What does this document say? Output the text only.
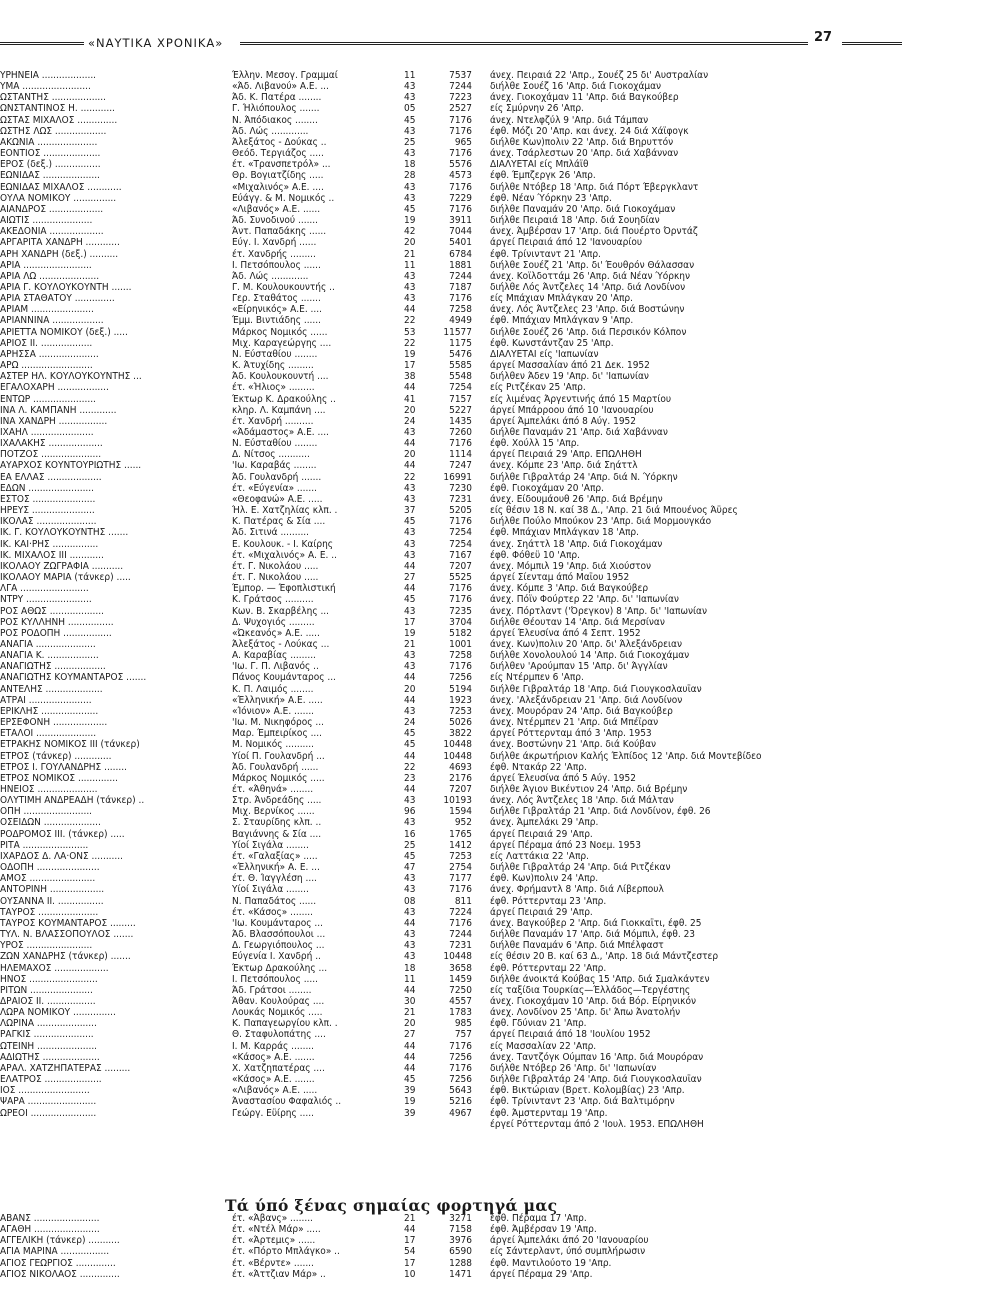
«ΝΑΥΤΙΚΑ ΧΡΟΝΙΚΑ»	27
ΥΡΗΝΕΙΑ ...................	Έλλην. Μεσογ. Γραμμαί	11	7537 άνεχ. Πειραιά 22 'Απρ., Σουέζ 25 δι' Αυστραλίαν
ΥΜΑ ........................	«Άδ. Λιβανού» Α.Ε. ...	43	7244 διήλθε Σουέζ 16 'Απρ. διά Γιοκοχάμαν
ΩΣΤΑΝΤΗΣ ...................	Άδ. Κ. Πατέρα ........	43	7223 άνεχ. Γιοκοχάμαν 11 'Απρ. διά Βαγκούβερ
ΩΝΣΤΑΝΤΙΝΟΣ Η. ............	Γ. Ήλιόπουλος .......	05	2527 είς Σμύρνην 26 'Απρ.
ΩΣΤΑΣ ΜΙΧΑΛΟΣ ..............	Ν. Άπόδιακος ........	45	7176 άνεχ. Ντελφζύλ 9 'Απρ. διά Τάμπαν
ΩΣΤΗΣ ΛΩΣ ..................	Άδ. Λώς .............	43	7176 έφθ. Μόζι 20 'Απρ. και άνεχ. 24 διά Χάϊφογκ
ΑΚΩΝΙΑ .....................	Άλεξάτος - Δούκας ..	25	965 διήλθε Κων)πολιν 22 'Απρ. διά Βηρυττόν
ΕΟΝΤΙΟΣ ....................	Θεόδ. Τεργιάζος .....	43	7176 άνεχ. Τσάρλεστων 20 'Απρ. διά Χαβάνναν
ΕΡΟΣ (δεξ.) ................	έτ. «Τρανσπετρόλ» ...	18	5576 ΔΙΑΛΥΕΤΑΙ είς Μπλάϊθ
ΕΩΝΙΔΑΣ ....................	Θρ. Βογιατζίδης .....	28	4573 έφθ. Έμπζεργκ 26 'Απρ.
ΕΩΝΙΔΑΣ ΜΙΧΑΛΟΣ ............	«Μιχαλινός» Α.Ε. ....	43	7176 διήλθε Ντόβερ 18 'Απρ. διά Πόρτ Έβεργκλαντ
ΟΥΛΑ ΝΟΜΙΚΟΥ ...............	Εύάγγ. & Μ. Νομικός ..	43	7229 έφθ. Νέαν Ύόρκην 23 'Απρ.
ΑΙΑΝΔΡΟΣ ...................	«Λιβανός» Α.Ε. ......	45	7176 διήλθε Παναμάν 20 'Απρ. διά Γιοκοχάμαν
ΑΙΩΤΙΣ .....................	Άδ. Συνοδινού .......	19	3911 διήλθε Πειραιά 18 'Απρ. διά Σουηδίαν
ΑΚΕΔΟΝΙΑ ...................	Άντ. Παπαδάκης ......	42	7044 άνεχ. Άμβέρσαν 17 'Απρ. διά Πουέρτο Όρντάζ
ΑΡΓΑΡΙΤΑ ΧΑΝΔΡΗ ............	Εύγ. Ι. Χανδρή ......	20	5401 άργεί Πειραιά άπό 12 'Ιανουαρίου
ΑΡΗ ΧΑΝΔΡΗ (δεξ.) ..........	έτ. Χανδρής .........	21	6784 έφθ. Τρίνινταντ 21 'Απρ.
ΑΡΙΑ ........................	Ι. Πετσόπουλος ......	11	1881 διήλθε Σουέζ 21 'Απρ. δι' Έουθρόν Θάλασσαν
ΑΡΙΑ ΛΩ .....................	Άδ. Λώς .............	43	7244 άνεχ. Κοϊλδοττάμ 26 'Απρ. διά Νέαν Ύόρκην
ΑΡΙΑ Γ. ΚΟΥΛΟΥΚΟΥΝΤΗ .......	Γ. Μ. Κουλουκουντής ..	43	7187 διήλθε Λός Άντζελες 14 'Απρ. διά Λονδίνον
ΑΡΙΑ ΣΤΑΘΑΤΟΥ ..............	Γερ. Σταθάτος .......	43	7176 είς Μπάχιαν Μπλάγκαν 20 'Απρ.
ΑΡΙΑΜ ......................	«Είρηνικός» Α.Ε. ....	44	7258 άνεχ. Λός Άντζελες 23 'Απρ. διά Βοστώνην
ΑΡΙΑΝΝΙΝΑ ..................	Έμμ. Βιντιάδης ......	22	4949 έφθ. Μπάχιαν Μπλάγκαν 9 'Απρ.
ΑΡΙΕΤΤΑ ΝΟΜΙΚΟΥ (δεξ.) .....	Μάρκος Νομικός ......	53	11577 διήλθε Σουέζ 26 'Απρ. διά Περσικόν Κόλπον
ΑΡΙΟΣ ΙΙ. ..................	Μιχ. Καραγεώργης ....	22	1175 έφθ. Κωνστάντζαν 25 'Απρ.
ΑΡΗΣΣΑ .....................	Ν. Εύσταθίου ........	19	5476 ΔΙΑΛΥΕΤΑΙ είς 'Ιαπωνίαν
ΑΡΩ .........................	Κ. Άτυχίδης .........	17	5585 άργεί Μασσαλίαν άπό 21 Δεκ. 1952
ΑΣΤΕΡ ΗΛ. ΚΟΥΛΟΥΚΟΥΝΤΗΣ ...	Άδ. Κουλουκουντή ....	38	5548 διήλθεν Άδεν 19 'Απρ. δι' 'Ιαπωνίαν
ΕΓΑΛΟΧΑΡΗ ..................	έτ. «Ήλιος» .........	44	7254 είς Ριτζέκαν 25 'Απρ.
ΕΝΤΩΡ ......................	Έκτωρ Κ. Δρακούλης ..	41	7157 είς λιμένας Άργεντινής άπό 15 Μαρτίου
ΙΝΑ Λ. ΚΑΜΠΑΝΗ .............	κληρ. Λ. Καμπάνη ....	20	5227 άργεί Μπάρροου άπό 10 'Ιανουαρίου
ΙΝΑ ΧΑΝΔΡΗ .................	έτ. Χανδρή ..........	24	1435 άργεί Άμπελάκι άπό 8 Αύγ. 1952
ΙΧΑΗΛ ......................	«Άδάμαστος» Α.Ε. ....	43	7260 διήλθε Παναμάν 21 'Απρ. διά Χαβάνναν
ΙΧΑΛΑΚΗΣ ...................	Ν. Εύσταθίου ........	44	7176 έφθ. Χούλλ 15 'Απρ.
ΠΟΤΖΟΣ .....................	Δ. Νίτσος ...........	20	1114 άργεί Πειραιά 29 'Απρ. ΕΠΩΛΗΘΗ
ΑΥΑΡΧΟΣ ΚΟΥΝΤΟΥΡΙΩΤΗΣ ......	'Ιω. Καραβάς ........	44	7247 άνεχ. Κόμπε 23 'Απρ. διά Σηάττλ
ΕΑ ΕΛΛΑΣ ...................	Άδ. Γουλανδρή .......	22	16991 διήλθε Γιβραλτάρ 24 'Απρ. διά Ν. Ύόρκην
ΕΔΩΝ .......................	έτ. «Εύγενία» .......	43	7230 έφθ. Γιοκοχάμαν 20 'Απρ.
ΕΣΤΟΣ ......................	«Θεοφανώ» Α.Ε. .....	43	7231 άνεχ. Είδουμάουθ 26 'Απρ. διά Βρέμην
ΗΡΕΥΣ ......................	Ήλ. Ε. Χατζηλίας κλπ. .	37	5205 είς θέσιν 18 Ν. καί 38 Δ., 'Απρ. 21 διά Μπουένος Άϋρες
ΙΚΟΛΑΣ .....................	Κ. Πατέρας & Σία ....	45	7176 διήλθε Πούλο Μπούκον 23 'Απρ. διά Μορμουγκάο
ΙΚ. Γ. ΚΟΥΛΟΥΚΟΥΝΤΗΣ .......	Άδ. Σιτινά ..........	43	7254 έφθ. Μπάχιαν Μπλάγκαν 18 'Απρ.
ΙΚ. ΚΑΙ·ΡΗΣ ................	Ε. Κουλουκ. - Ι. Καίρης	43	7254 άνεχ. Σηάττλ 18 'Απρ. διά Γιοκοχάμαν
ΙΚ. ΜΙΧΑΛΟΣ ΙΙΙ ............	έτ. «Μιχαλινός» Α. Ε. ..	43	7167 έφθ. Φόθεϋ 10 'Απρ.
ΙΚΟΛΑΟΥ ΖΩΓΡΑΦΙΑ ...........	έτ. Γ. Νικολάου .....	44	7207 άνεχ. Μόμπιλ 19 'Απρ. διά Χιούστον
ΙΚΟΛΑΟΥ ΜΑΡΙΑ (τάνκερ) .....	έτ. Γ. Νικολάου .....	27	5525 άργεί Σίενταμ άπό Μαΐου 1952
ΛΓΑ ........................	Έμπορ. — Έφοπλιστική	44	7176 άνεχ. Κόμπε 3 'Απρ. διά Βαγκούβερ
ΝΤΡΥ .......................	Κ. Γράτσος ..........	45	7176 άνεχ. Πόϊν Φούρτερ 22 'Απρ. δι' 'Ιαπωνίαν
ΡΟΣ ΑΘΩΣ ...................	Κων. Β. Σκαρβέλης ...	43	7235 άνεχ. Πόρτλαντ ('Όρεγκον) 8 'Απρ. δι' 'Ιαπωνίαν
ΡΟΣ ΚΥΛΛΗΝΗ ................	Δ. Ψυχογιός .........	17	3704 διήλθε Θέουταν 14 'Απρ. διά Μερσίναν
ΡΟΣ ΡΟΔΟΠΗ .................	«Ώκεανός» Α.Ε. .....	19	5182 άργεί Έλευσίνα άπό 4 Σεπτ. 1952
ΑΝΑΓΙΑ .....................	Άλεξάτος - Λούκας ...	21	1001 άνεχ. Κων)πολιν 20 'Απρ. δι' Άλεξάνδρειαν
ΑΝΑΓΙΑ Κ. ..................	Α. Καραβίας .........	43	7258 διήλθε Χονολουλού 14 'Απρ. διά Γιοκοχάμαν
ΑΝΑΓΙΩΤΗΣ ..................	'Ιω. Γ. Π. Λιβανός ..	43	7176 διήλθεν 'Αρούμπαν 15 'Απρ. δι' Άγγλίαν
ΑΝΑΓΙΩΤΗΣ ΚΟΥΜΑΝΤΑΡΟΣ .......	Πάνος Κουμάνταρος ...	44	7256 είς Ντέρμπεν 6 'Απρ.
ΑΝΤΕΛΗΣ ....................	Κ. Π. Λαιμός ........	20	5194 διήλθε Γιβραλτάρ 18 'Απρ. διά Γιουγκοσλαυΐαν
ΑΤΡΑΙ ......................	«Έλληνική» Α.Ε. .....	44	1923 άνεχ. 'Αλεξάνδρειαν 21 'Απρ. διά Λονδίνον
ΕΡΙΚΛΗΣ ....................	«Ίόνιον» Α.Ε. .......	43	7253 άνεχ. Μουρόραν 24 'Απρ. διά Βαγκούβερ
ΕΡΣΕΦΟΝΗ ...................	'Ιω. Μ. Νικηφόρος ...	24	5026 άνεχ. Ντέρμπεν 21 'Απρ. διά Μπέϊραν
ΕΤΑΛΟΙ .....................	Μαρ. Έμπειρίκος ....	45	3822 άργεί Ρόττερνταμ άπό 3 'Απρ. 1953
ΕΤΡΑΚΗΣ ΝΟΜΙΚΟΣ ΙΙΙ (τάνκερ)	Μ. Νομικός ..........	45	10448 άνεχ. Βοστώνην 21 'Απρ. διά Κούβαν
ΕΤΡΟΣ (τάνκερ) .............	Υίοί Π. Γουλανδρή ...	44	10448 διήλθε άκρωτήριον Καλής Έλπίδος 12 'Απρ. διά Μοντεβίδεο
ΕΤΡΟΣ Ι. ΓΟΥΛΑΝΔΡΗΣ ........	Άδ. Γουλανδρή ......	22	4693 έφθ. Ντακάρ 22 'Απρ.
ΕΤΡΟΣ ΝΟΜΙΚΟΣ ..............	Μάρκος Νομικός .....	23	2176 άργεί Έλευσίνα άπό 5 Αύγ. 1952
ΗΝΕΙΟΣ .....................	έτ. «Άθηνά» ........	44	7207 διήλθε Άγιον Βικέντιον 24 'Απρ. διά Βρέμην
ΟΛΥΤΙΜΗ ΑΝΔΡΕΑΔΗ (τάνκερ) ..	Στρ. Άνδρεάδης .....	43	10193 άνεχ. Λός Άντζελες 18 'Απρ. διά Μάλταν
ΟΠΗ ........................	Μιχ. Βερνίκος ......	96	1594 διήλθε Γιβραλτάρ 21 'Απρ. διά Λονδίνον, έφθ. 26
ΟΣΕΙΔΩΝ ....................	Σ. Σταυρίδης κλπ. ..	43	952 άνεχ. Άμπελάκι 29 'Απρ.
ΡΟΔΡΟΜΟΣ ΙΙΙ. (τάνκερ) .....	Βαγιάννης & Σία ....	16	1765 άργεί Πειραιά 29 'Απρ.
ΡΙΤΑ .......................	Υίοί Σιγάλα ........	25	1412 άργεί Πέραμα άπό 23 Νοεμ. 1953
ΙΧΑΡΔΟΣ Δ. ΛΑ·ΟΝΣ ...........	έτ. «Γαλαξίας» .....	45	7253 είς Λαττάκια 22 'Απρ.
ΟΔΟΠΗ ......................	«Έλληνική» Α. Ε. ...	47	2754 διήλθε Γιβραλτάρ 24 'Απρ. διά Ριτζέκαν
ΑΜΟΣ .......................	έτ. Θ. Ίαγγλέση ....	43	7177 έφθ. Κων)πολιν 24 'Απρ.
ΑΝΤΟΡΙΝΗ ...................	Υίοί Σιγάλα ........	43	7176 άνεχ. Φρήμαντλ 8 'Απρ. διά Λίβερπουλ
ΟΥΣΑΝΝΑ ΙΙ. ................	Ν. Παπαδάτος ......	08	811 έφθ. Ρόττερνταμ 23 'Απρ.
ΤΑΥΡΟΣ .....................	έτ. «Κάσος» ........	43	7224 άργεί Πειραιά 29 'Απρ.
ΤΑΥΡΟΣ ΚΟΥΜΑΝΤΑΡΟΣ .........	'Ιω. Κουμάνταρος ...	44	7176 άνεχ. Βαγκούβερ 2 'Απρ. διά Γιοκκαΐτι, έφθ. 25
ΤΥΛ. Ν. ΒΛΑΣΣΟΠΟΥΛΟΣ .......	Άδ. Βλασσόπουλοι ...	43	7244 διήλθε Παναμάν 17 'Απρ. διά Μόμπιλ, έφθ. 23
ΥΡΟΣ .......................	Δ. Γεωργιόπουλος ...	43	7231 διήλθε Παναμάν 6 'Απρ. διά Μπέλφαστ
ΖΩΝ ΧΑΝΔΡΗΣ (τάνκερ) .......	Εύγενία Ι. Χανδρή ..	43	10448 είς θέσιν 20 Β. καί 63 Δ., 'Απρ. 18 διά Μάντζεστερ
ΗΛΕΜΑΧΟΣ ...................	Έκτωρ Δρακούλης ...	18	3658 έφθ. Ρόττερνταμ 22 'Απρ.
ΗΝΟΣ ........................	Ι. Πετσόπουλος .....	11	1459 διήλθε άνοικτά Κούβας 15 'Απρ. διά Σμαλκάντεν
ΡΙΤΩΝ ......................	Άδ. Γράτσοι ........	44	7250 είς ταξίδια Τουρκίας—Έλλάδος—Τεργέστης
ΔΡΑΙΟΣ ΙΙ. .................	Άθαν. Κουλούρας ....	30	4557 άνεχ. Γιοκοχάμαν 10 'Απρ. διά Βόρ. Είρηνικόν
ΛΩΡΑ ΝΟΜΙΚΟΥ ...............	Λουκάς Νομικός .....	21	1783 άνεχ. Λονδίνον 25 'Απρ. δι' Άπω Άνατολήν
ΛΩΡΙΝΑ .....................	Κ. Παπαγεωργίου κλπ. .	20	985 έφθ. Γδύνιαν 21 'Απρ.
ΡΑΓΚΙΣ .....................	Θ. Σταφυλοπάτης ....	27	757 άργεί Πειραιά άπό 18 'Ιουλίου 1952
ΩΤΕΙΝΗ .....................	Ι. Μ. Καρράς ........	44	7176 είς Μασσαλίαν 22 'Απρ.
ΑΔΙΩΤΗΣ ....................	«Κάσος» Α.Ε. .......	44	7256 άνεχ. Ταντζόγκ Ούμπαν 16 'Απρ. διά Μουρόραν
ΑΡΑΛ. ΧΑΤΖΗΠΑΤΕΡΑΣ .........	Χ. Χατζηπατέρας ....	44	7176 διήλθε Ντόβερ 26 'Απρ. δι' 'Ιαπωνίαν
ΕΛΑΤΡΟΣ ....................	«Κάσος» Α.Ε. .......	45	7256 διήλθε Γιβραλτάρ 24 'Απρ. διά Γιουγκοσλαυΐαν
ΙΟΣ .........................	«Λιβανός» Α.Ε. .....	39	5643 έφθ. Βικτώριαν (Βρετ. Κολομβίας) 23 'Απρ.
ΨΑΡΑ ........................	Άναστασίου Φαφαλιός ..	19	5216 έφθ. Τρίνινταντ 23 'Απρ. διά Βαλτιμόρην
ΩΡΕΟΙ .......................	Γεώργ. Εΰίρης .....	39	4967 έφθ. Άμστερνταμ 19 'Απρ.
έργεί Ρόττερνταμ άπό 2 'Ιουλ. 1953. ΕΠΩΛΗΘΗ
Τά ύπό ξένας σημαίας φορτηγά μας
ΑΒΑΝΣ .......................	έτ. «Άβανς» ........	21	3271 έφθ. Πέραμα 17 'Απρ.
ΑΓΑΘΗ .......................	έτ. «Ντέλ Μάρ» .....	44	7158 έφθ. Άμβέρσαν 19 'Απρ.
ΑΓΓΕΛΙΚΗ (τάνκερ) ...........	έτ. «Άρτεμις» ......	17	3976 άργεί Άμπελάκι άπό 20 'Ιανουαρίου
ΑΓΙΑ ΜΑΡΙΝΑ .................	έτ. «Πόρτο Μπλάγκο» ..	54	6590 είς Σάντερλαντ, ύπό συμπλήρωσιν
ΑΓΙΟΣ ΓΕΩΡΓΙΟΣ ..............	έτ. «Βέρντε» .......	17	1288 έφθ. Μαντιλούοτο 19 'Απρ.
ΑΓΙΟΣ ΝΙΚΟΛΑΟΣ ..............	έτ. «Άττζιαν Μάρ» ..	10	1471 άργεί Πέραμα 29 'Απρ.
